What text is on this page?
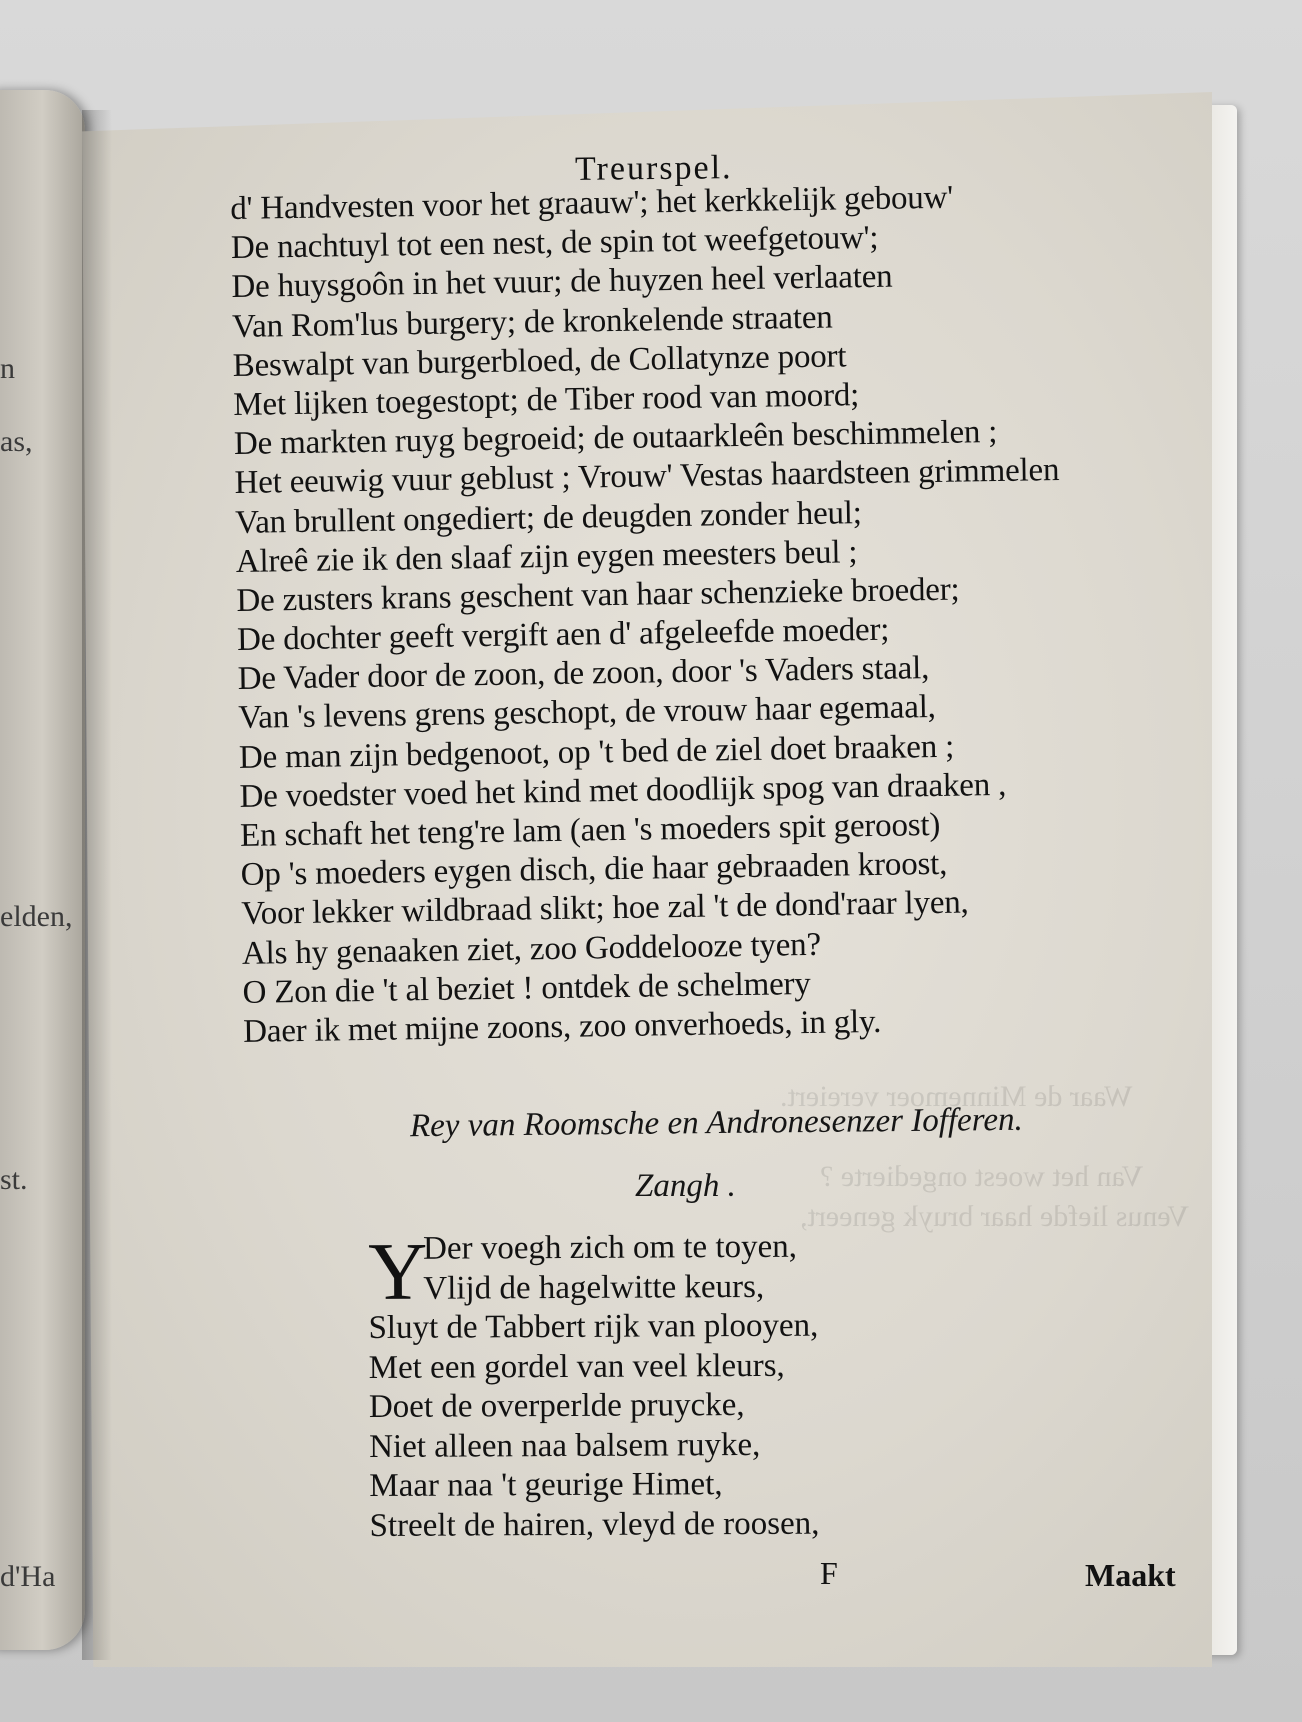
n
as,
elden,
st.
d'Ha
Waar de Minnemoer vereiert.
Van het woest ongedierte ?
Venus liefde haar bruyk geneert,
Treurspel.
d' Handvesten voor het graauw'; het kerkkelijk gebouw'
De nachtuyl tot een nest, de spin tot weefgetouw';
De huysgoôn in het vuur; de huyzen heel verlaaten
Van Rom'lus burgery; de kronkelende straaten
Beswalpt van burgerbloed, de Collatynze poort
Met lijken toegestopt; de Tiber rood van moord;
De markten ruyg begroeid; de outaarkleên beschimmelen ;
Het eeuwig vuur geblust ; Vrouw' Vestas haardsteen grimmelen
Van brullent ongediert; de deugden zonder heul;
Alreê zie ik den slaaf zijn eygen meesters beul ;
De zusters krans geschent van haar schenzieke broeder;
De dochter geeft vergift aen d' afgeleefde moeder;
De Vader door de zoon, de zoon, door 's Vaders staal,
Van 's levens grens geschopt, de vrouw haar egemaal,
De man zijn bedgenoot, op 't bed de ziel doet braaken ;
De voedster voed het kind met doodlijk spog van draaken ,
En schaft het teng're lam (aen 's moeders spit geroost)
Op 's moeders eygen disch, die haar gebraaden kroost,
Voor lekker wildbraad slikt; hoe zal 't de dond'raar lyen,
Als hy genaaken ziet, zoo Goddelooze tyen?
O Zon die 't al beziet ! ontdek de schelmery
Daer ik met mijne zoons, zoo onverhoeds, in gly.
Rey van Roomsche en Andronesenzer Iofferen.
Zangh .
Y
Der voegh zich om te toyen,
Vlijd de hagelwitte keurs,
Sluyt de Tabbert rijk van plooyen,
Met een gordel van veel kleurs,
Doet de overperlde pruycke,
Niet alleen naa balsem ruyke,
Maar naa 't geurige Himet,
Streelt de hairen, vleyd de roosen,
F	Maakt
